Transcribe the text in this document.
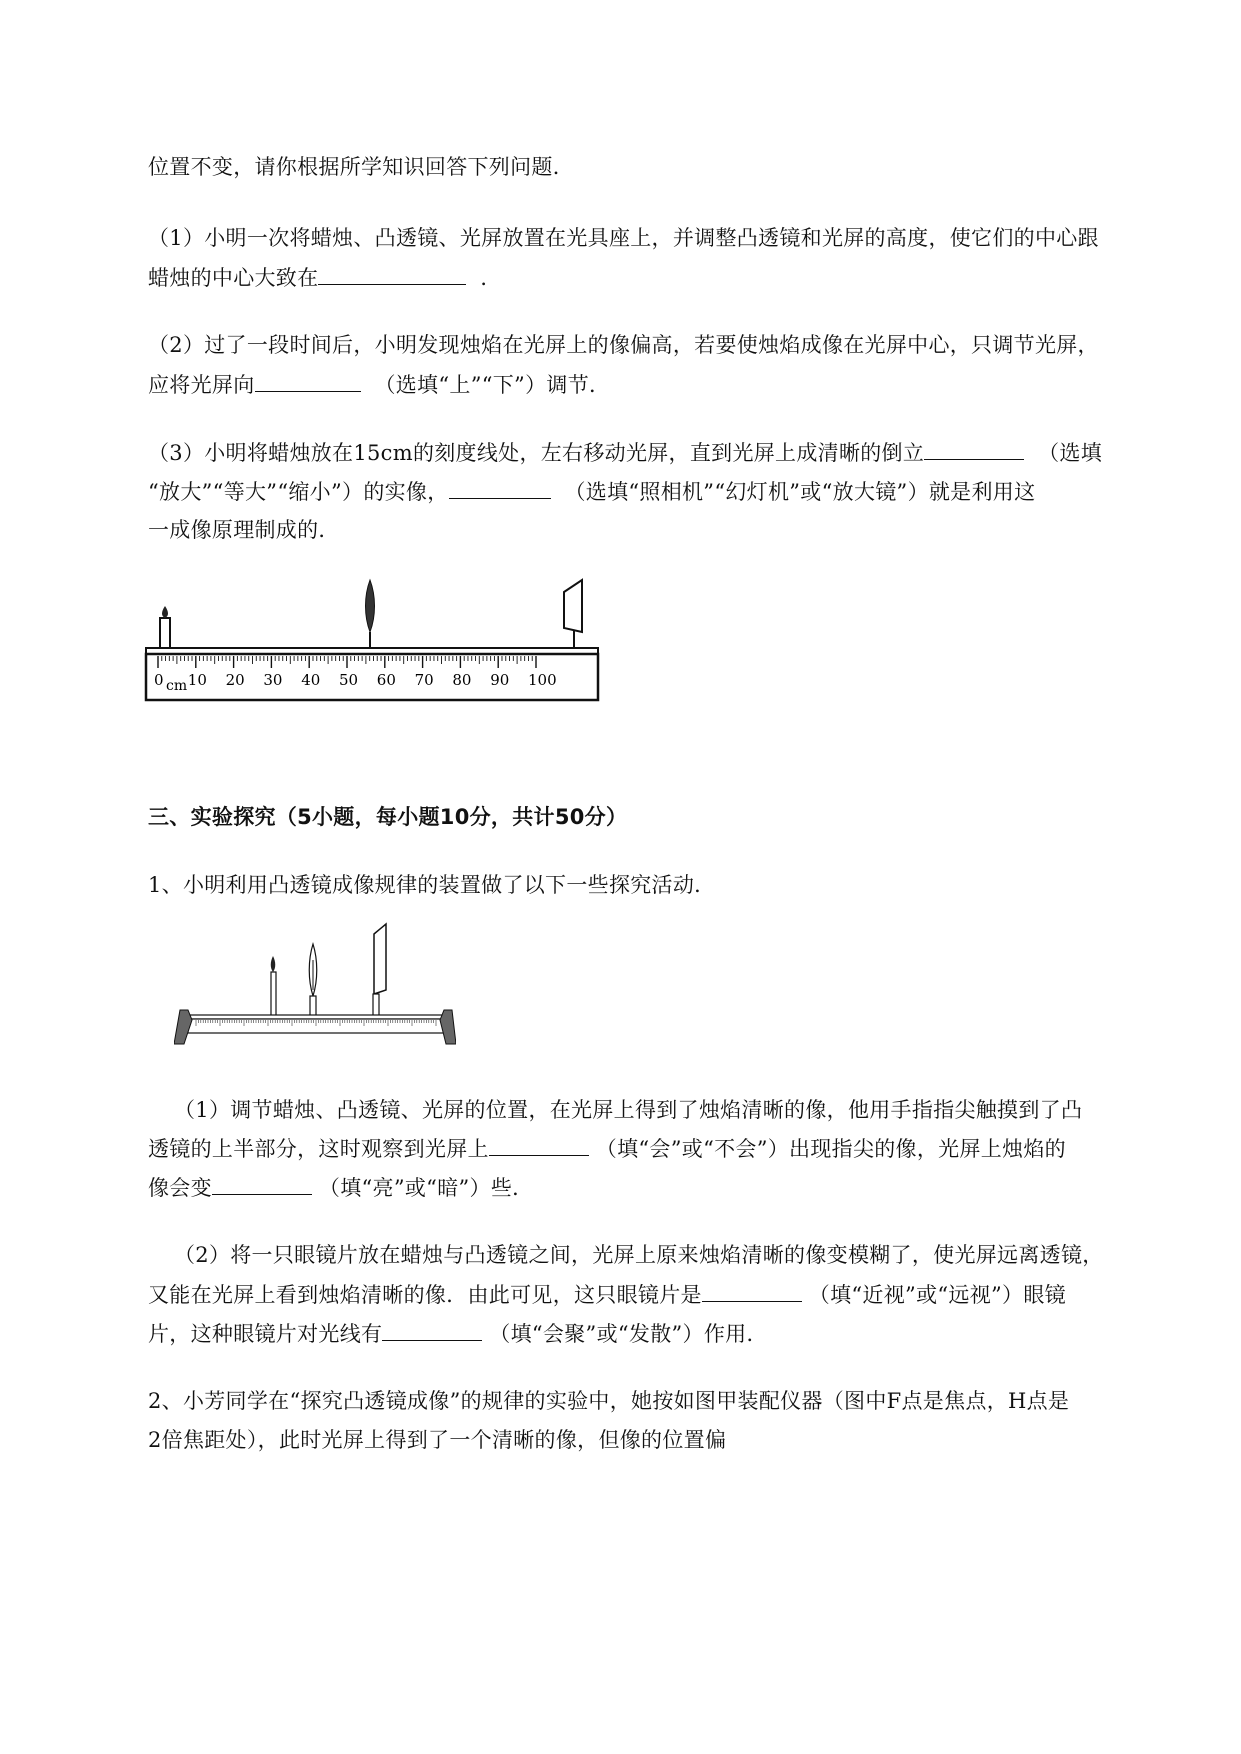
位置不变，请你根据所学知识回答下列问题．
（1）小明一次将蜡烛、凸透镜、光屏放置在光具座上，并调整凸透镜和光屏的高度，使它们的中心跟
蜡烛的中心大致在	．
（2）过了一段时间后，小明发现烛焰在光屏上的像偏高，若要使烛焰成像在光屏中心，只调节光屏，
应将光屏向	（选填“上”“下”）调节．
（3）小明将蜡烛放在15cm的刻度线处，左右移动光屏，直到光屏上成清晰的倒立	（选填
“放大”“等大”“缩小”）的实像，	（选填“照相机”“幻灯机”或“放大镜”）就是利用这
一成像原理制成的．
0 10 20 30 40 50 60 70 80 90 100
cm
三、实验探究（5小题，每小题10分，共计50分）
1、小明利用凸透镜成像规律的装置做了以下一些探究活动．
（1）调节蜡烛、凸透镜、光屏的位置，在光屏上得到了烛焰清晰的像，他用手指指尖触摸到了凸
透镜的上半部分，这时观察到光屏上	（填“会”或“不会”）出现指尖的像，光屏上烛焰的
像会变	（填“亮”或“暗”）些．
（2）将一只眼镜片放在蜡烛与凸透镜之间，光屏上原来烛焰清晰的像变模糊了，使光屏远离透镜，
又能在光屏上看到烛焰清晰的像．由此可见，这只眼镜片是	（填“近视”或“远视”）眼镜
片，这种眼镜片对光线有	（填“会聚”或“发散”）作用．
2、小芳同学在“探究凸透镜成像”的规律的实验中，她按如图甲装配仪器（图中F点是焦点，H点是
2倍焦距处），此时光屏上得到了一个清晰的像，但像的位置偏
